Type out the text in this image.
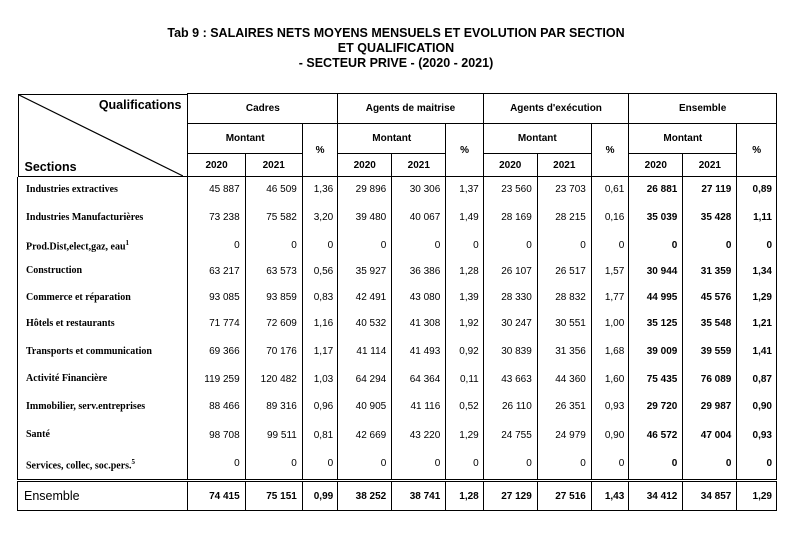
Tab 9 : SALAIRES NETS MOYENS MENSUELS ET EVOLUTION PAR SECTION
ET QUALIFICATION
- SECTEUR PRIVE - (2020 - 2021)
Qualifications
Sections	Cadres			Agents de maitrise			Agents d'exécution			Ensemble		
	Montant		%	Montant		%	Montant		%	Montant		%
	2020	2021		2020	2021		2020	2021		2020	2021	
Industries extractives	45 887	46 509	1,36	29 896	30 306	1,37	23 560	23 703	0,61	26 881	27 119	0,89
Industries Manufacturières	73 238	75 582	3,20	39 480	40 067	1,49	28 169	28 215	0,16	35 039	35 428	1,11
Prod.Dist,elect,gaz, eau$^1$	0	0	0	0	0	0	0	0	0	0	0	0
Construction	63 217	63 573	0,56	35 927	36 386	1,28	26 107	26 517	1,57	30 944	31 359	1,34
Commerce et réparation	93 085	93 859	0,83	42 491	43 080	1,39	28 330	28 832	1,77	44 995	45 576	1,29
Hôtels et restaurants	71 774	72 609	1,16	40 532	41 308	1,92	30 247	30 551	1,00	35 125	35 548	1,21
Transports et communication	69 366	70 176	1,17	41 114	41 493	0,92	30 839	31 356	1,68	39 009	39 559	1,41
Activité Financière	119 259	120 482	1,03	64 294	64 364	0,11	43 663	44 360	1,60	75 435	76 089	0,87
Immobilier, serv.entreprises	88 466	89 316	0,96	40 905	41 116	0,52	26 110	26 351	0,93	29 720	29 987	0,90
Santé	98 708	99 511	0,81	42 669	43 220	1,29	24 755	24 979	0,90	46 572	47 004	0,93
Services, collec, soc.pers.$^5$	0	0	0	0	0	0	0	0	0	0	0	0
Ensemble	74 415	75 151	0,99	38 252	38 741	1,28	27 129	27 516	1,43	34 412	34 857	1,29
